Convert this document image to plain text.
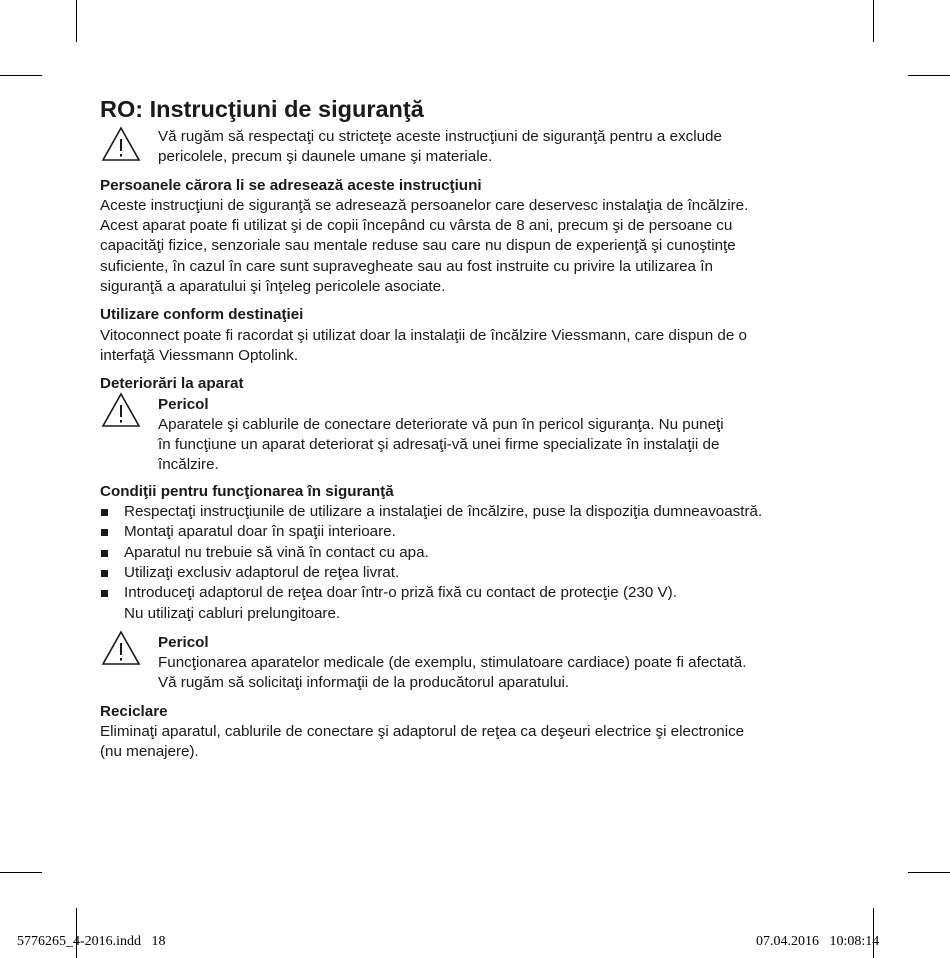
RO: Instrucţiuni de siguranţă
Vă rugăm să respectaţi cu stricteţe aceste instrucţiuni de siguranţă pentru a exclude
pericolele, precum şi daunele umane şi materiale.
Persoanele cărora li se adresează aceste instrucţiuni
Aceste instrucţiuni de siguranţă se adresează persoanelor care deservesc instalaţia de încălzire.
Acest aparat poate fi utilizat şi de copii începând cu vârsta de 8 ani, precum şi de persoane cu
capacităţi fizice, senzoriale sau mentale reduse sau care nu dispun de experienţă şi cunoştinţe
suficiente, în cazul în care sunt supravegheate sau au fost instruite cu privire la utilizarea în
siguranţă a aparatului şi înţeleg pericolele asociate.
Utilizare conform destinaţiei
Vitoconnect poate fi racordat şi utilizat doar la instalaţii de încălzire Viessmann, care dispun de o
interfaţă Viessmann Optolink.
Deteriorări la aparat
Pericol
Aparatele şi cablurile de conectare deteriorate vă pun în pericol siguranţa. Nu puneţi
în funcţiune un aparat deteriorat şi adresaţi-vă unei firme specializate în instalaţii de
încălzire.
Condiţii pentru funcţionarea în siguranţă
Respectaţi instrucţiunile de utilizare a instalaţiei de încălzire, puse la dispoziţia dumneavoastră.
Montaţi aparatul doar în spaţii interioare.
Aparatul nu trebuie să vină în contact cu apa.
Utilizaţi exclusiv adaptorul de reţea livrat.
Introduceţi adaptorul de reţea doar într-o priză fixă cu contact de protecţie (230 V).
Nu utilizaţi cabluri prelungitoare.
Pericol
Funcţionarea aparatelor medicale (de exemplu, stimulatoare cardiace) poate fi afectată.
Vă rugăm să solicitaţi informaţii de la producătorul aparatului.
Reciclare
Eliminaţi aparatul, cablurile de conectare şi adaptorul de reţea ca deşeuri electrice şi electronice
(nu menajere).
5776265_4-2016.indd   18	07.04.2016   10:08:14
